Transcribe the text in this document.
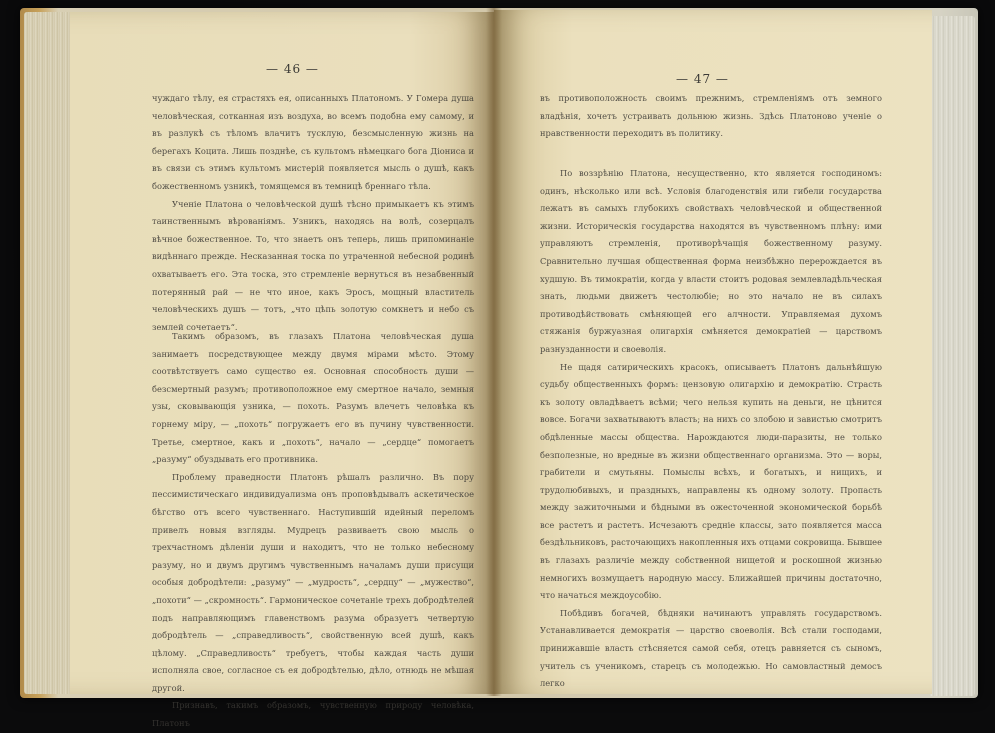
— 46 —

чуждаго тѣлу, ея страстяхъ ея, описанныхъ Платономъ. У Гомера душа человѣческая, сотканная изъ воздуха, во всемъ подобна ему самому, и въ разлукѣ съ тѣломъ влачитъ тусклую, безсмысленную жизнь на берегахъ Коцита. Лишь позднѣе, съ культомъ нѣмецкаго бога Діониса и въ связи съ этимъ культомъ мистерій появляется мысль о душѣ, какъ божественномъ узникѣ, томящемся въ темницѣ бреннаго тѣла.

Ученіе Платона о человѣческой душѣ тѣсно примыкаетъ къ этимъ таинственнымъ вѣрованіямъ. Узникъ, находясь на волѣ, созерцалъ вѣчное божественное. То, что знаетъ онъ теперь, лишь припоминаніе видѣннаго прежде. Несказанная тоска по утраченной небесной родинѣ охватываетъ его. Эта тоска, это стремленіе вернуться въ незабвенный потерянный рай — не что иное, какъ Эросъ, мощный властитель человѣческихъ душъ — тотъ, „что цѣпь золотую сомкнетъ и небо съ землей сочетаетъ“.

Такимъ образомъ, въ глазахъ Платона человѣческая душа занимаетъ посредствующее между двумя мірами мѣсто. Этому соотвѣтствуетъ само существо ея. Основная способность души — безсмертный разумъ; противоположное ему смертное начало, земныя узы, сковывающія узника, — похоть. Разумъ влечетъ человѣка къ горнему міру, — „похоть“ погружаетъ его въ пучину чувственности. Третье, смертное, какъ и „похоть“, начало — „сердце“ помогаетъ „разуму“ обуздывать его противника.

Проблему праведности Платонъ рѣшалъ различно. Въ пору пессимистическаго индивидуализма онъ проповѣдывалъ аскетическое бѣгство отъ всего чувственнаго. Наступившій идейный переломъ привелъ новыя взгляды. Мудрецъ развиваетъ свою мысль о трехчастномъ дѣленіи души и находитъ, что не только небесному разуму, но и двумъ другимъ чувственнымъ началамъ души присущи особыя добродѣтели: „разуму“ — „мудрость“, „сердцу“ — „мужество“, „похоти“ — „скромность“. Гармоническое сочетаніе трехъ добродѣтелей подъ направляющимъ главенствомъ разума образуетъ четвертую добродѣтель — „справедливость“, свойственную всей душѣ, какъ цѣлому. „Справедливость“ требуетъ, чтобы каждая часть души исполняла свое, согласное съ ея добродѣтелью, дѣло, отнюдь не мѣшая другой.

Признавъ, такимъ образомъ, чувственную природу человѣка, Платонъ

— 47 —

въ противоположность своимъ прежнимъ, стремленіямъ отъ земного владѣнія, хочетъ устраивать дольнюю жизнь. Здѣсь Платоново ученіе о нравственности переходитъ въ политику.

По воззрѣнію Платона, несущественно, кто является господиномъ: одинъ, нѣсколько или всѣ. Условія благоденствія или гибели государства лежатъ въ самыхъ глубокихъ свойствахъ человѣческой и общественной жизни. Историческія государства находятся въ чувственномъ плѣну: ими управляютъ стремленія, противорѣчащія божественному разуму. Сравнительно лучшая общественная форма неизбѣжно перерождается въ худшую. Въ тимократіи, когда у власти стоитъ родовая землевладѣльческая знать, людьми движетъ честолюбіе; но это начало не въ силахъ противодѣйствовать смѣняющей его алчности. Управляемая духомъ стяжанія буржуазная олигархія смѣняется демократіей — царствомъ разнузданности и своеволія.

Не щадя сатирическихъ красокъ, описываетъ Платонъ дальнѣйшую судьбу общественныхъ формъ: цензовую олигархію и демократію. Страсть къ золоту овладѣваетъ всѣми; чего нельзя купить на деньги, не цѣнится вовсе. Богачи захватываютъ власть; на нихъ со злобою и завистью смотритъ обдѣленные массы общества. Нарождаются люди-паразиты, не только безполезные, но вредные въ жизни общественнаго организма. Это — воры, грабители и смутьяны. Помыслы всѣхъ, и богатыхъ, и нищихъ, и трудолюбивыхъ, и праздныхъ, направлены къ одному золоту. Пропасть между зажиточными и бѣдными въ ожесточенной экономической борьбѣ все растетъ и растетъ. Исчезаютъ средніе классы, зато появляется масса бездѣльниковъ, расточающихъ накопленныя ихъ отцами сокровища. Бывшее въ глазахъ различіе между собственной нищетой и роскошной жизнью немногихъ возмущаетъ народную массу. Ближайшей причины достаточно, что начаться междоусобію.

Побѣдивъ богачей, бѣдняки начинаютъ управлять государствомъ. Устанавливается демократія — царство своеволія. Всѣ стали господами, принижавшіе власть стѣсняется самой себя, отецъ равняется съ сыномъ, учитель съ ученикомъ, старецъ съ молодежью. Но самовластный демосъ легко
